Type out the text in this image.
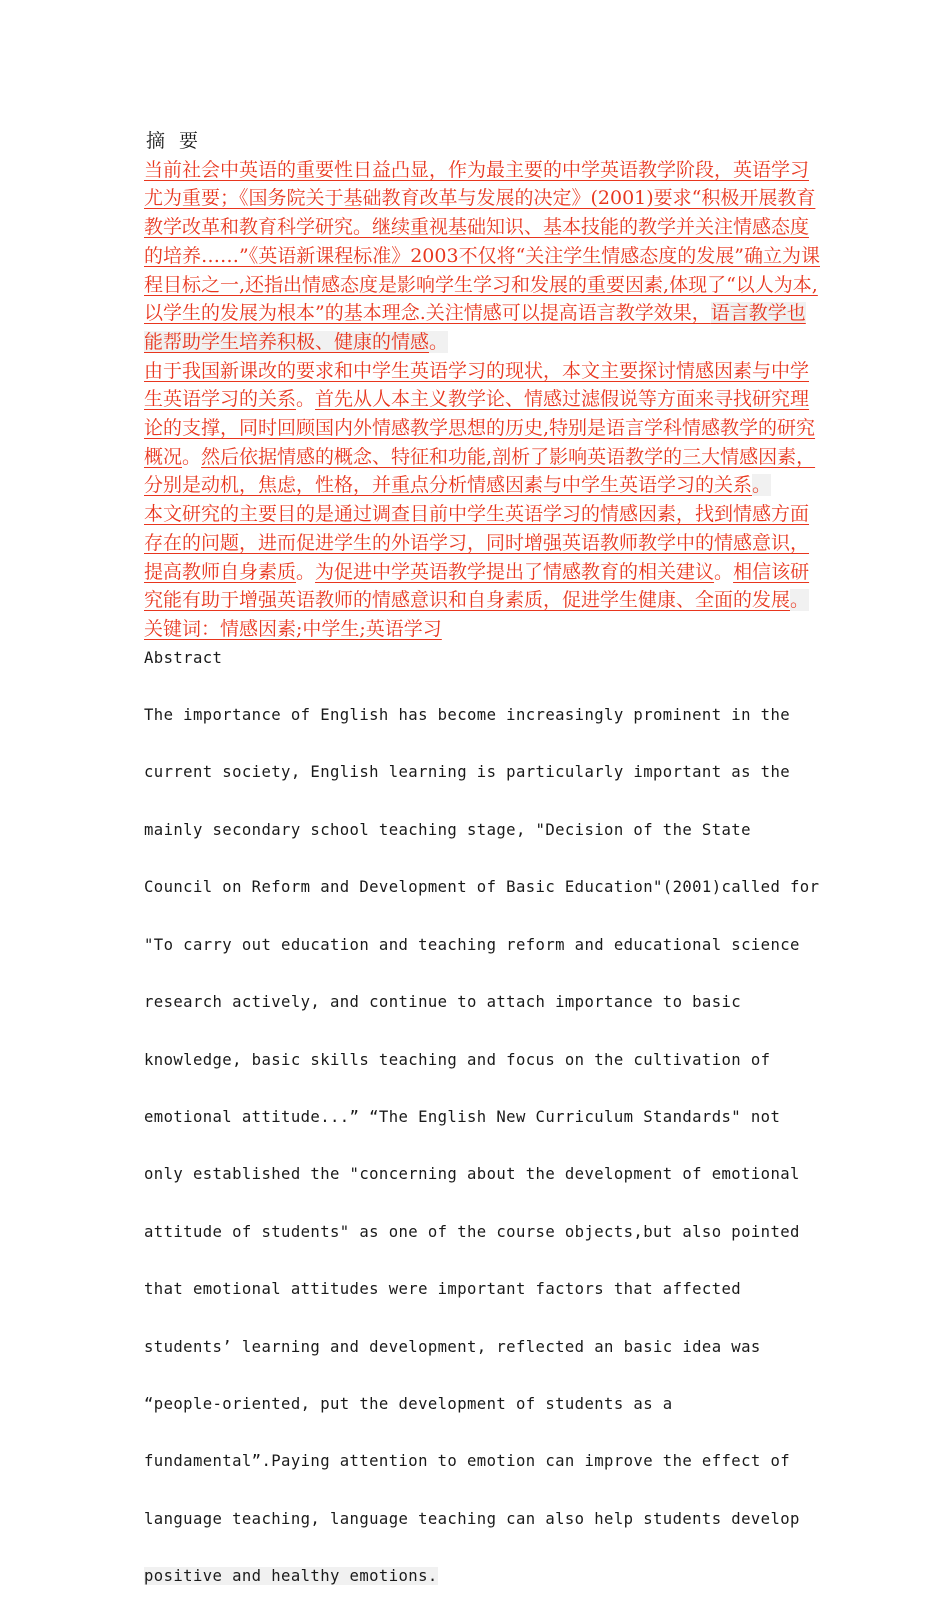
摘 要

当前社会中英语的重要性日益凸显，作为最主要的中学英语教学阶段，英语学习尤为重要；《国务院关于基础教育改革与发展的决定》(2001)要求“积极开展教育教学改革和教育科学研究。继续重视基础知识、基本技能的教学并关注情感态度的培养……”《英语新课程标准》2003不仅将“关注学生情感态度的发展”确立为课程目标之一,还指出情感态度是影响学生学习和发展的重要因素,体现了“以人为本,以学生的发展为根本”的基本理念.关注情感可以提高语言教学效果，语言教学也能帮助学生培养积极、健康的情感。

由于我国新课改的要求和中学生英语学习的现状，本文主要探讨情感因素与中学生英语学习的关系。首先从人本主义教学论、情感过滤假说等方面来寻找研究理论的支撑，同时回顾国内外情感教学思想的历史,特别是语言学科情感教学的研究概况。然后依据情感的概念、特征和功能,剖析了影响英语教学的三大情感因素，分别是动机，焦虑，性格，并重点分析情感因素与中学生英语学习的关系。

本文研究的主要目的是通过调查目前中学生英语学习的情感因素，找到情感方面存在的问题，进而促进学生的外语学习，同时增强英语教师教学中的情感意识，提高教师自身素质。为促进中学英语教学提出了情感教育的相关建议。相信该研究能有助于增强英语教师的情感意识和自身素质，促进学生健康、全面的发展。

关键词：情感因素;中学生;英语学习

Abstract

The importance of English has become increasingly prominent in the

current society, English learning is particularly important as the

mainly secondary school teaching stage, "Decision of the State

Council on Reform and Development of Basic Education"(2001)called for

"To carry out education and teaching reform and educational science

research actively, and continue to attach importance to basic

knowledge, basic skills teaching and focus on the cultivation of

emotional attitude...” “The English New Curriculum Standards" not

only established the "concerning about the development of emotional

attitude of students" as one of the course objects,but also pointed

that emotional attitudes were important factors that affected

students’ learning and development, reflected an basic idea was

“people-oriented, put the development of students as a

fundamental”.Paying attention to emotion can improve the effect of

language teaching, language teaching can also help students develop

positive and healthy emotions.
